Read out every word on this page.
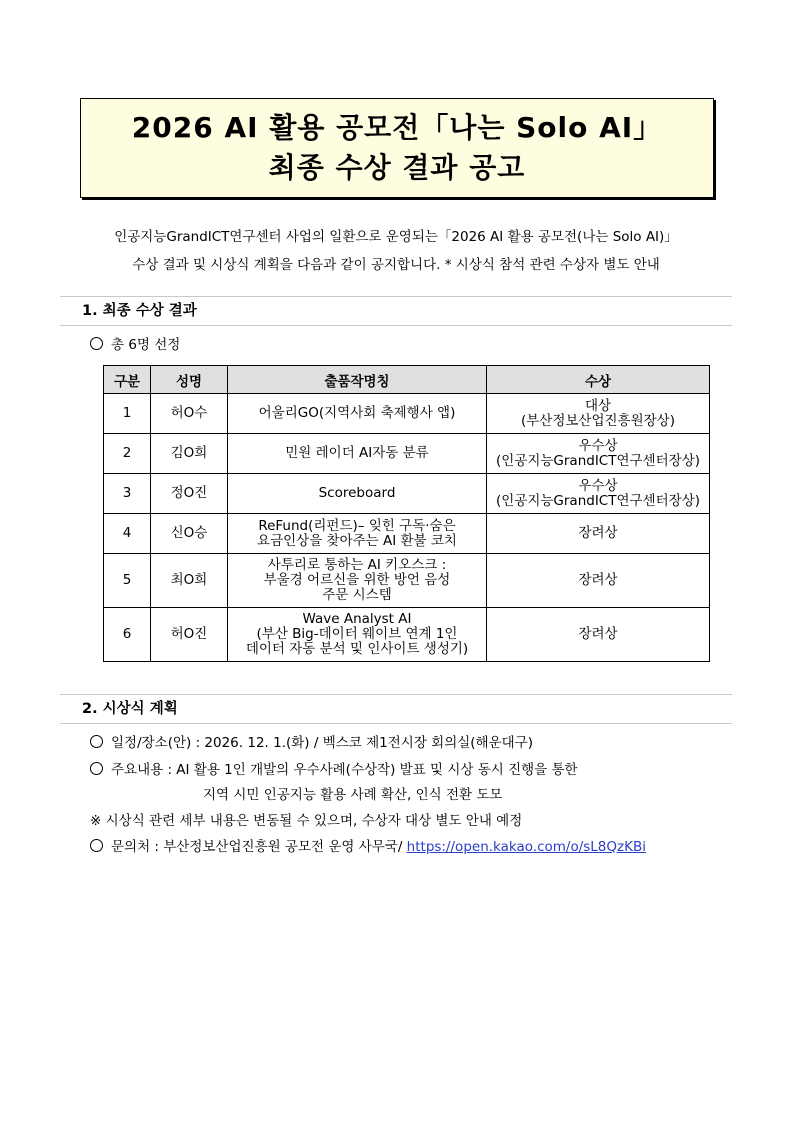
2026 AI 활용 공모전「나는 Solo AI」
최종 수상 결과 공고
인공지능GrandICT연구센터 사업의 일환으로 운영되는「2026 AI 활용 공모전(나는 Solo AI)」
수상 결과 및 시상식 계획을 다음과 같이 공지합니다. * 시상식 참석 관련 수상자 별도 안내
1. 최종 수상 결과
총 6명 선정
구분	성명	출품작명칭	수상
1	허O수	어울리GO(지역사회 축제행사 앱)	대상
(부산정보산업진흥원장상)

2	김O희	민원 레이더 AI자동 분류	우수상
(인공지능GrandICT연구센터장상)

3	정O진	Scoreboard	우수상
(인공지능GrandICT연구센터장상)

4	신O승	ReFund(리펀드)– 잊힌 구독·숨은
요금인상을 찾아주는 AI 환불 코치	장려상

5	최O희	사투리로 통하는 AI 키오스크 :
부울경 어르신을 위한 방언 음성
주문 시스템	장려상

6	허O진	Wave Analyst AI
(부산 Big-데이터 웨이브 연계 1인
데이터 자동 분석 및 인사이트 생성기)	장려상
2. 시상식 계획
일정/장소(안) : 2026. 12. 1.(화) / 벡스코 제1전시장 회의실(해운대구)
주요내용 : AI 활용 1인 개발의 우수사례(수상작) 발표 및 시상 동시 진행을 통한
지역 시민 인공지능 활용 사례 확산, 인식 전환 도모
※ 시상식 관련 세부 내용은 변동될 수 있으며, 수상자 대상 별도 안내 예정
문의처 : 부산정보산업진흥원 공모전 운영 사무국/ https://open.kakao.com/o/sL8QzKBi
